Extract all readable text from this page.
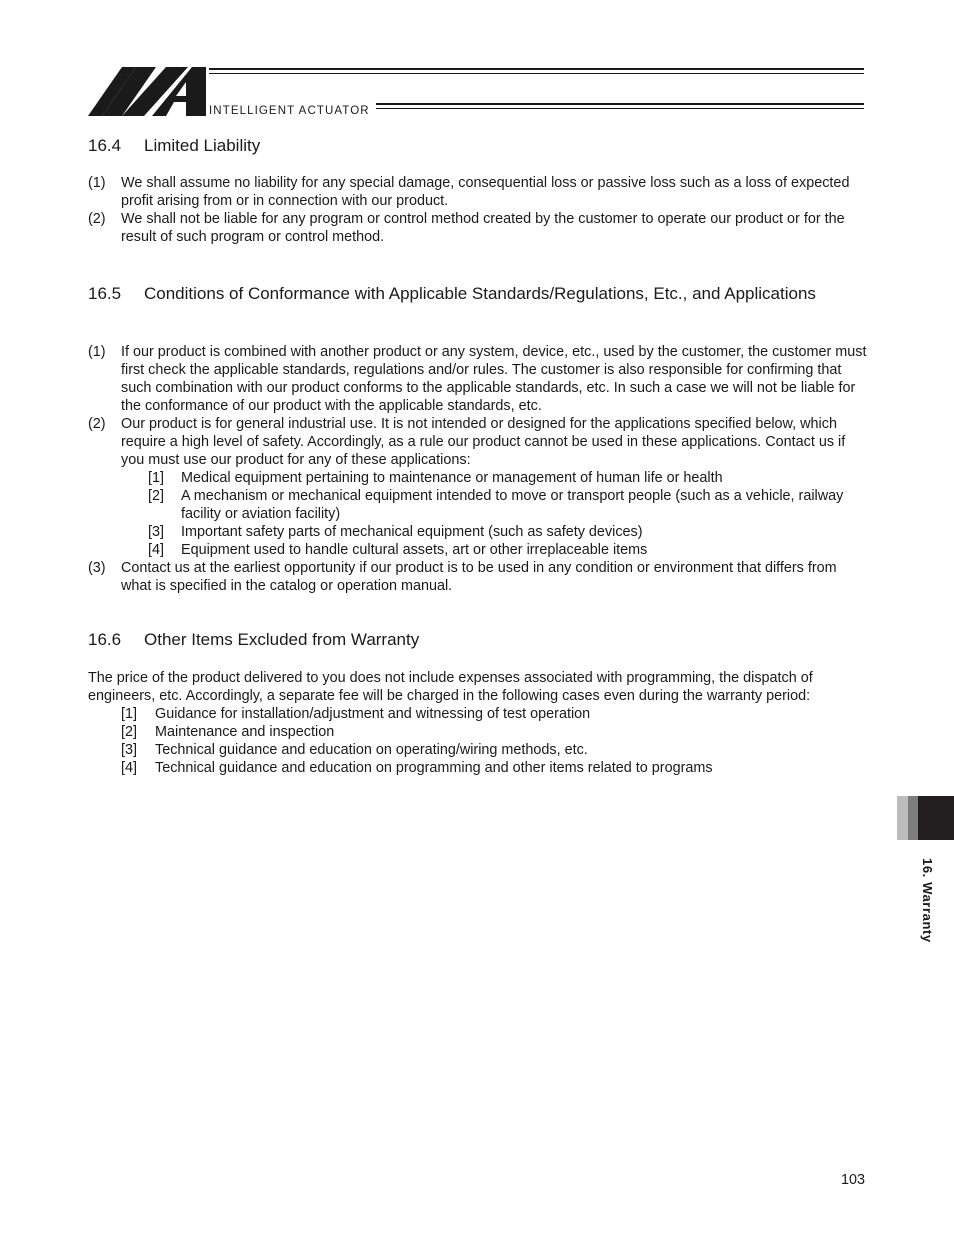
INTELLIGENT ACTUATOR
16.4	Limited Liability
(1)	We shall assume no liability for any special damage, consequential loss or passive loss such as a loss of expected profit arising from or in connection with our product.
(2)	We shall not be liable for any program or control method created by the customer to operate our product or for the result of such program or control method.
16.5	Conditions of Conformance with Applicable Standards/Regulations, Etc., and Applications
(1)	If our product is combined with another product or any system, device, etc., used by the customer, the customer must first check the applicable standards, regulations and/or rules. The customer is also responsible for confirming that such combination with our product conforms to the applicable standards, etc. In such a case we will not be liable for the conformance of our product with the applicable standards, etc.
(2)	Our product is for general industrial use. It is not intended or designed for the applications specified below, which require a high level of safety. Accordingly, as a rule our product cannot be used in these applications. Contact us if you must use our product for any of these applications:
[1]	Medical equipment pertaining to maintenance or management of human life or health
[2]	A mechanism or mechanical equipment intended to move or transport people (such as a vehicle, railway facility or aviation facility)
[3]	Important safety parts of mechanical equipment (such as safety devices)
[4]	Equipment used to handle cultural assets, art or other irreplaceable items
(3)	Contact us at the earliest opportunity if our product is to be used in any condition or environment that differs from what is specified in the catalog or operation manual.
16.6	Other Items Excluded from Warranty
The price of the product delivered to you does not include expenses associated with programming, the dispatch of engineers, etc. Accordingly, a separate fee will be charged in the following cases even during the warranty period:
[1]	Guidance for installation/adjustment and witnessing of test operation
[2]	Maintenance and inspection
[3]	Technical guidance and education on operating/wiring methods, etc.
[4]	Technical guidance and education on programming and other items related to programs
16. Warranty
103
